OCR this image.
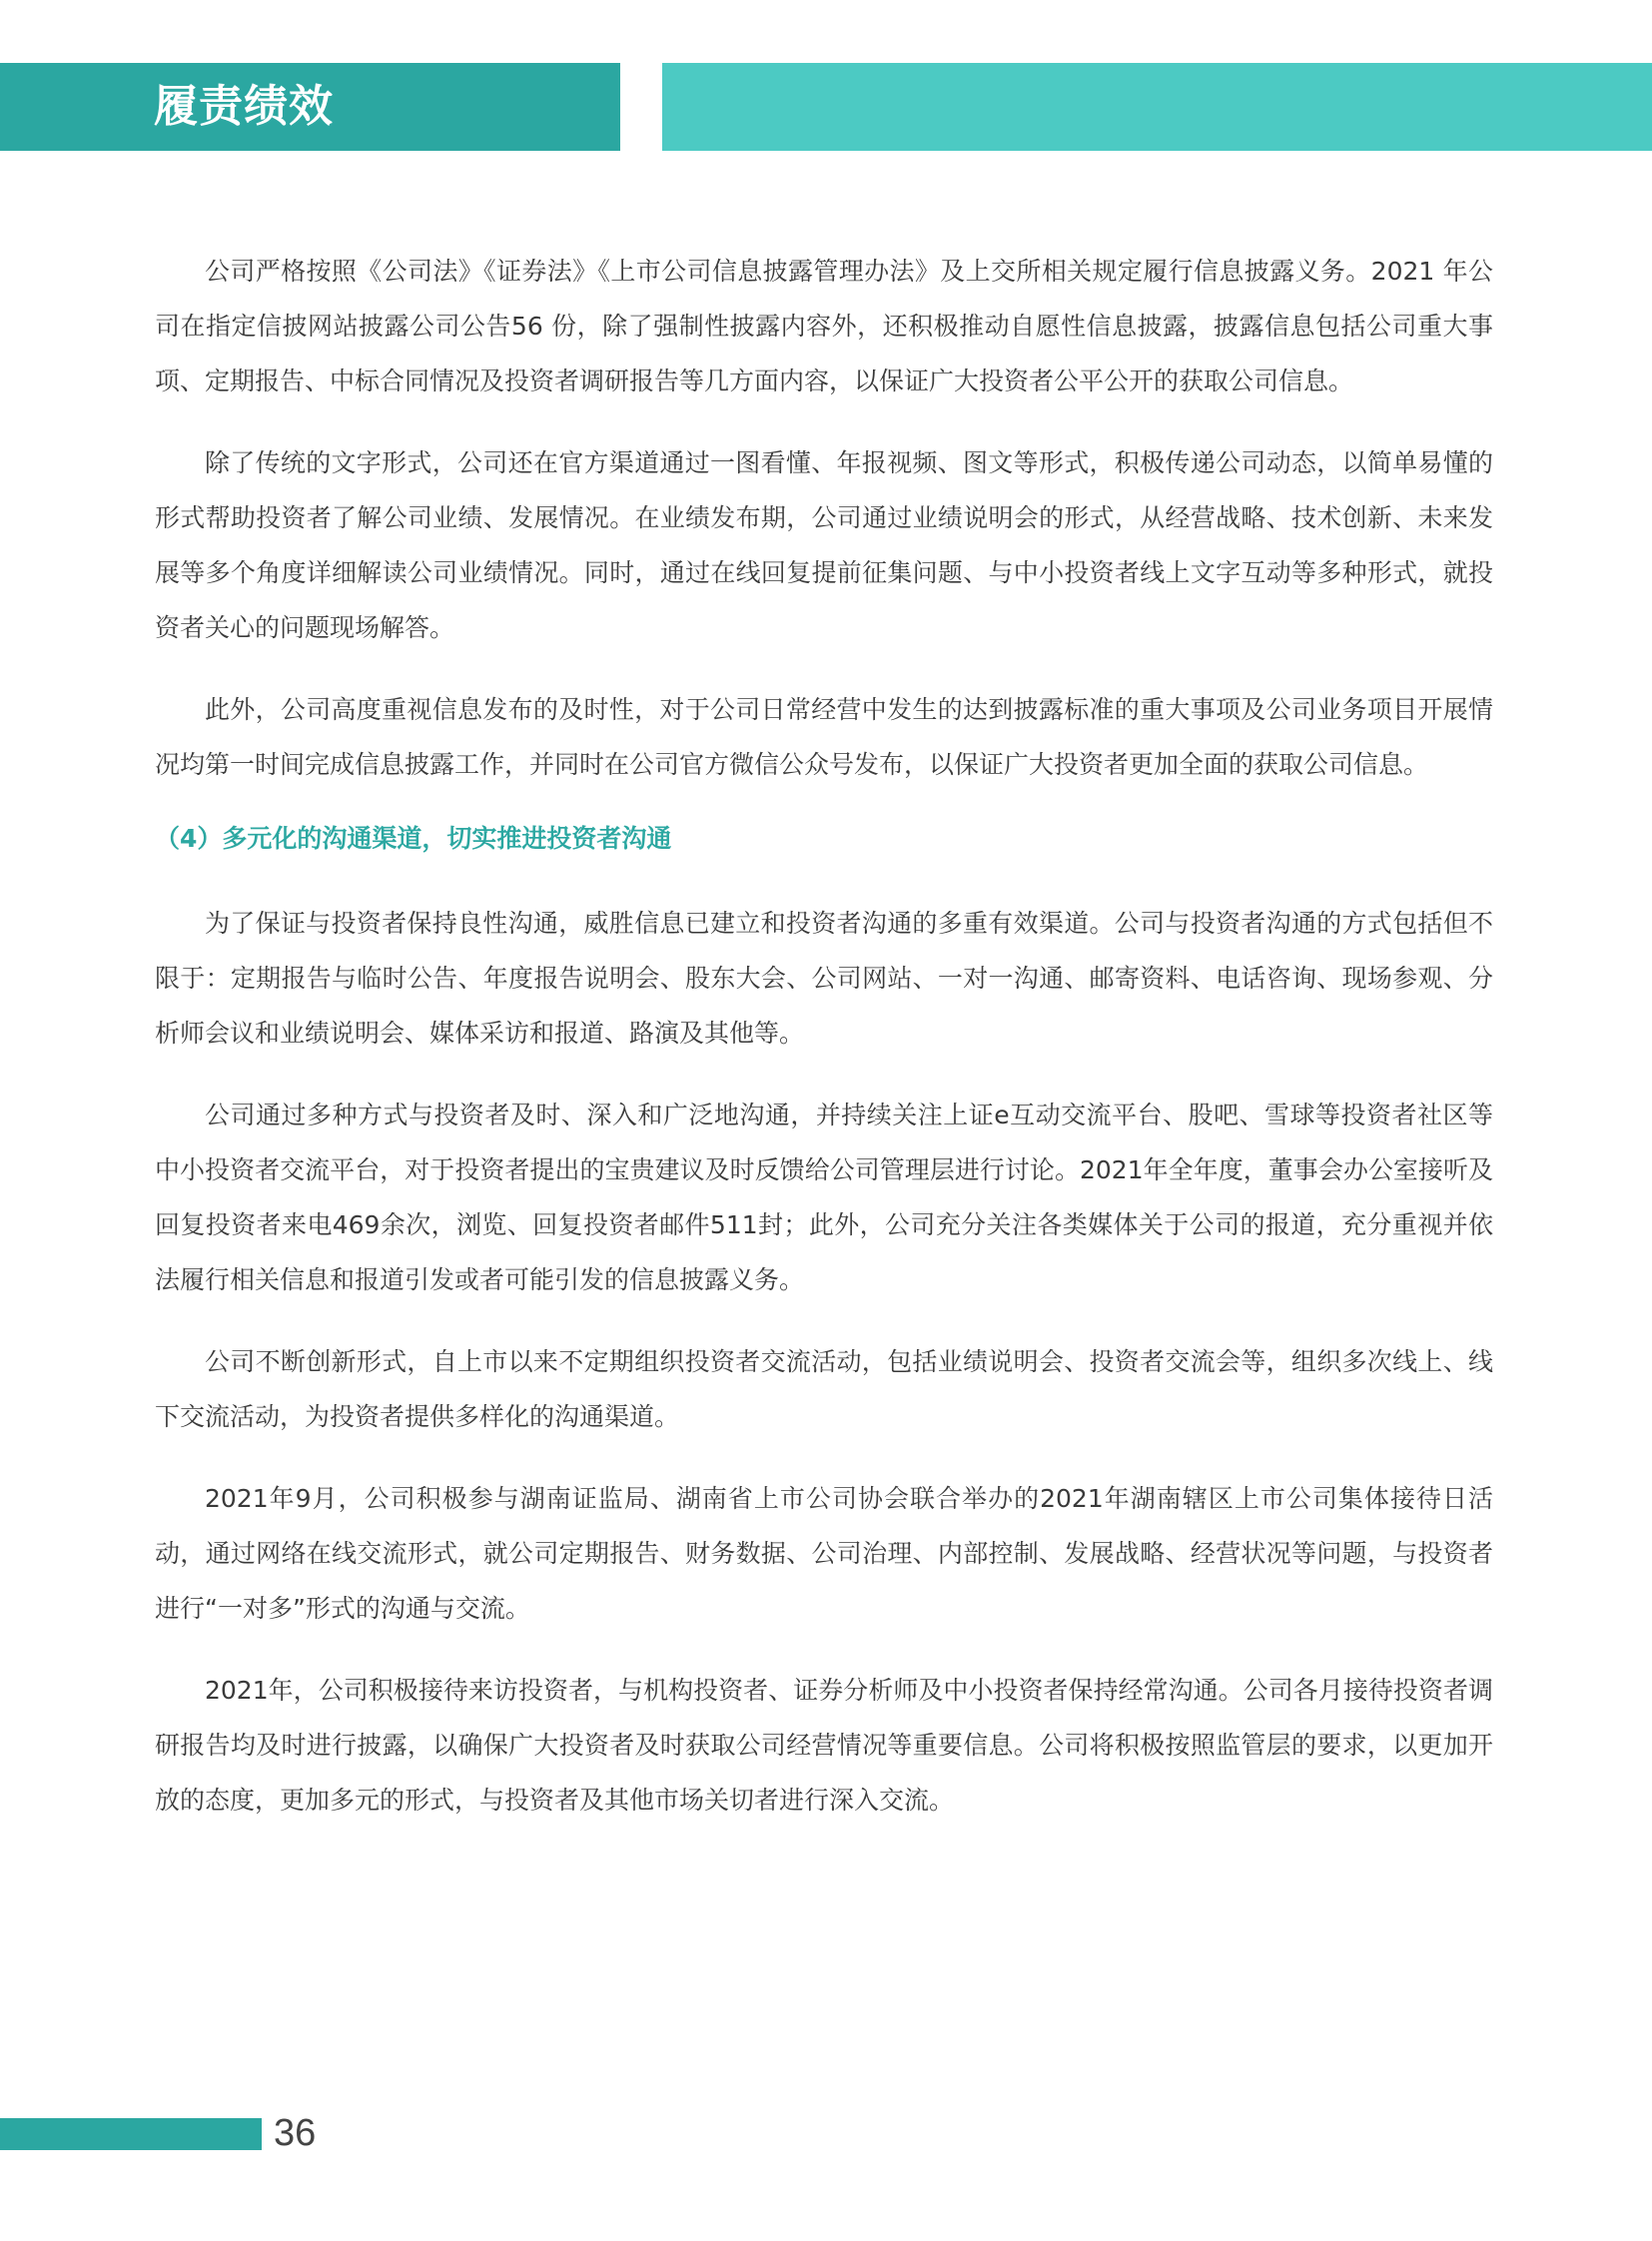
履责绩效

公司严格按照《公司法》《证券法》《上市公司信息披露管理办法》及上交所相关规定履行信息披露义务。2021 年公司在指定信披网站披露公司公告56 份，除了强制性披露内容外，还积极推动自愿性信息披露，披露信息包括公司重大事项、定期报告、中标合同情况及投资者调研报告等几方面内容，以保证广大投资者公平公开的获取公司信息。

除了传统的文字形式，公司还在官方渠道通过一图看懂、年报视频、图文等形式，积极传递公司动态，以简单易懂的形式帮助投资者了解公司业绩、发展情况。在业绩发布期，公司通过业绩说明会的形式，从经营战略、技术创新、未来发展等多个角度详细解读公司业绩情况。同时，通过在线回复提前征集问题、与中小投资者线上文字互动等多种形式，就投资者关心的问题现场解答。

此外，公司高度重视信息发布的及时性，对于公司日常经营中发生的达到披露标准的重大事项及公司业务项目开展情况均第一时间完成信息披露工作，并同时在公司官方微信公众号发布，以保证广大投资者更加全面的获取公司信息。

（4）多元化的沟通渠道，切实推进投资者沟通

为了保证与投资者保持良性沟通，威胜信息已建立和投资者沟通的多重有效渠道。公司与投资者沟通的方式包括但不限于：定期报告与临时公告、年度报告说明会、股东大会、公司网站、一对一沟通、邮寄资料、电话咨询、现场参观、分析师会议和业绩说明会、媒体采访和报道、路演及其他等。

公司通过多种方式与投资者及时、深入和广泛地沟通，并持续关注上证e互动交流平台、股吧、雪球等投资者社区等中小投资者交流平台，对于投资者提出的宝贵建议及时反馈给公司管理层进行讨论。2021年全年度，董事会办公室接听及回复投资者来电469余次，浏览、回复投资者邮件511封；此外，公司充分关注各类媒体关于公司的报道，充分重视并依法履行相关信息和报道引发或者可能引发的信息披露义务。

公司不断创新形式，自上市以来不定期组织投资者交流活动，包括业绩说明会、投资者交流会等，组织多次线上、线下交流活动，为投资者提供多样化的沟通渠道。

2021年9月，公司积极参与湖南证监局、湖南省上市公司协会联合举办的2021年湖南辖区上市公司集体接待日活动，通过网络在线交流形式，就公司定期报告、财务数据、公司治理、内部控制、发展战略、经营状况等问题，与投资者进行“一对多”形式的沟通与交流。

2021年，公司积极接待来访投资者，与机构投资者、证券分析师及中小投资者保持经常沟通。公司各月接待投资者调研报告均及时进行披露，以确保广大投资者及时获取公司经营情况等重要信息。公司将积极按照监管层的要求，以更加开放的态度，更加多元的形式，与投资者及其他市场关切者进行深入交流。

36
